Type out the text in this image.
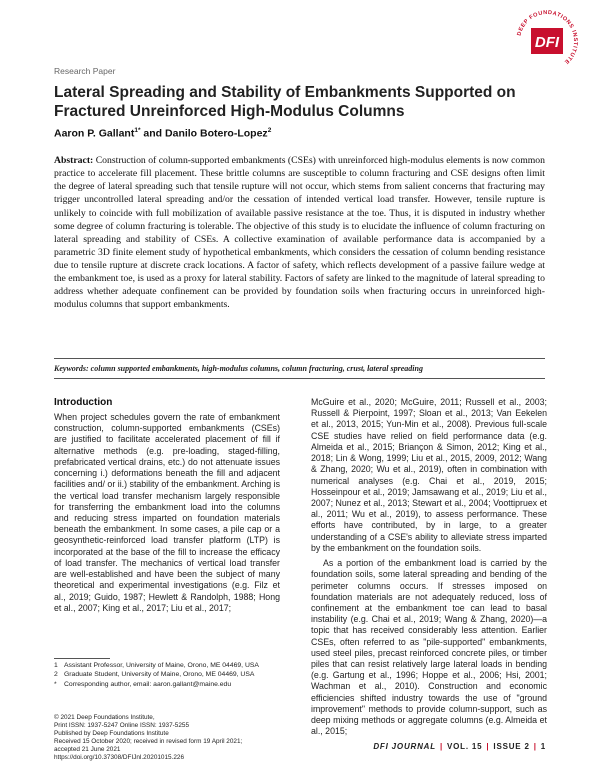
DEEP FOUNDATIONS INSTITUTE
DFI
Research Paper
Lateral Spreading and Stability of Embankments Supported on Fractured Unreinforced High-Modulus Columns
Aaron P. Gallant$^{1*}$ and Danilo Botero-Lopez$^2$

Abstract: Construction of column-supported embankments (CSEs) with unreinforced high-modulus elements is now common practice to accelerate fill placement. These brittle columns are susceptible to column fracturing and CSE designs often limit the degree of lateral spreading such that tensile rupture will not occur, which stems from salient concerns that fracturing may trigger uncontrolled lateral spreading and/or the cessation of intended vertical load transfer. However, tensile rupture is unlikely to coincide with full mobilization of available passive resistance at the toe. Thus, it is disputed in industry whether some degree of column fracturing is tolerable. The objective of this study is to elucidate the influence of column fracturing on lateral spreading and stability of CSEs. A collective examination of available performance data is accompanied by a parametric 3D finite element study of hypothetical embankments, which considers the cessation of column bending resistance due to tensile rupture at discrete crack locations. A factor of safety, which reflects development of a passive failure wedge at the embankment toe, is used as a proxy for lateral stability. Factors of safety are linked to the magnitude of lateral spreading to address whether adequate confinement can be provided by foundation soils when fracturing occurs in unreinforced high-modulus columns that support embankments.

Keywords: column supported embankments, high-modulus columns, column fracturing, crust, lateral spreading
Introduction

When project schedules govern the rate of embankment construction, column-supported embankments (CSEs) are justified to facilitate accelerated placement of fill if alternative methods (e.g. pre-loading, staged-filling, prefabricated vertical drains, etc.) do not attenuate issues concerning i.) deformations beneath the fill and adjacent facilities and/ or ii.) stability of the embankment. Arching is the vertical load transfer mechanism largely responsible for transferring the embankment load into the columns and reducing stress imparted on foundation materials beneath the embankment. In some cases, a pile cap or a geosynthetic-reinforced load transfer platform (LTP) is incorporated at the base of the fill to increase the efficacy of load transfer. The mechanics of vertical load transfer are well-established and have been the subject of many theoretical and experimental investigations (e.g. Filz et al., 2019; Guido, 1987; Hewlett & Randolph, 1988; Hong et al., 2007; King et al., 2017; Liu et al., 2017;

McGuire et al., 2020; McGuire, 2011; Russell et al., 2003; Russell & Pierpoint, 1997; Sloan et al., 2013; Van Eekelen et al., 2013, 2015; Yun-Min et al., 2008). Previous full-scale CSE studies have relied on field performance data (e.g. Almeida et al., 2015; Briançon & Simon, 2012; King et al., 2018; Lin & Wong, 1999; Liu et al., 2015, 2009, 2012; Wang & Zhang, 2020; Wu et al., 2019), often in combination with numerical analyses (e.g. Chai et al., 2019, 2015; Hosseinpour et al., 2019; Jamsawang et al., 2019; Liu et al., 2007; Nunez et al., 2013; Stewart et al., 2004; Voottipruex et al., 2011; Wu et al., 2019), to assess performance. These efforts have contributed, by in large, to a greater understanding of a CSE's ability to alleviate stress imparted by the embankment on the foundation soils.

As a portion of the embankment load is carried by the foundation soils, some lateral spreading and bending of the perimeter columns occurs. If stresses imposed on foundation materials are not adequately reduced, loss of confinement at the embankment toe can lead to basal instability (e.g. Chai et al., 2019; Wang & Zhang, 2020)—a topic that has received considerably less attention. Earlier CSEs, often referred to as "pile-supported" embankments, used steel piles, precast reinforced concrete piles, or timber piles that can resist relatively large lateral loads in bending (e.g. Gartung et al., 1996; Hoppe et al., 2006; Hsi, 2001; Wachman et al., 2010). Construction and economic efficiencies shifted industry towards the use of "ground improvement" methods to provide column-support, such as deep mixing methods or aggregate columns (e.g. Almeida et al., 2015;

1 Assistant Professor, University of Maine, Orono, ME 04469, USA
2 Graduate Student, University of Maine, Orono, ME 04469, USA
*	Corresponding author, email: aaron.gallant@maine.edu
© 2021 Deep Foundations Institute,
Print ISSN: 1937-5247 Online ISSN: 1937-5255
Published by Deep Foundations Institute
Received 15 October 2020; received in revised form 19 April 2021;
accepted 21 June 2021
https://doi.org/10.37308/DFIJnl.20201015.226
DFI JOURNAL | VOL. 15 | ISSUE 2 | 1
